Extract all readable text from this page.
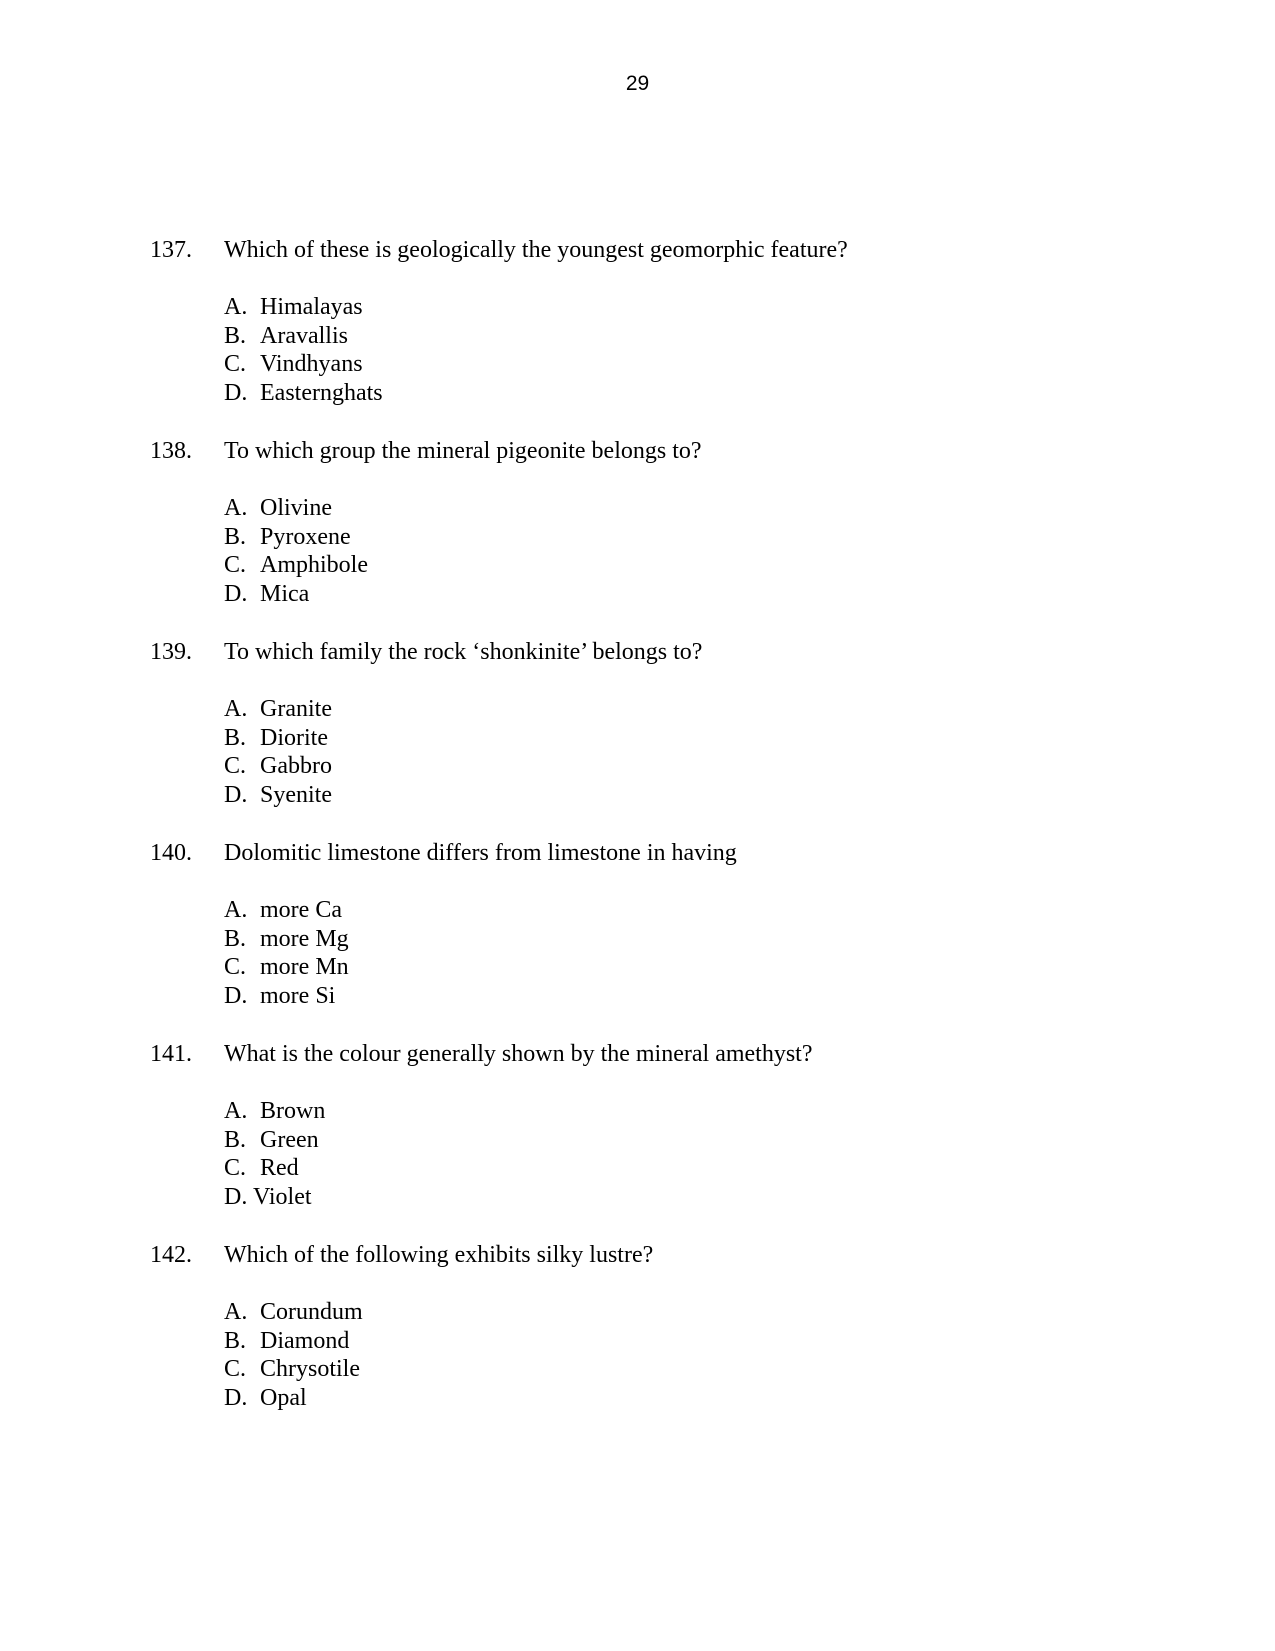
29
137. Which of these is geologically the youngest geomorphic feature?
A. Himalayas
B. Aravallis
C. Vindhyans
D. Easternghats
138. To which group the mineral pigeonite belongs to?
A. Olivine
B. Pyroxene
C. Amphibole
D. Mica
139. To which family the rock ‘shonkinite’ belongs to?
A. Granite
B. Diorite
C. Gabbro
D. Syenite
140. Dolomitic limestone differs from limestone in having
A. more Ca
B. more Mg
C. more Mn
D. more Si
141. What is the colour generally shown by the mineral amethyst?
A. Brown
B. Green
C. Red
D. Violet
142. Which of the following exhibits silky lustre?
A. Corundum
B. Diamond
C. Chrysotile
D. Opal
